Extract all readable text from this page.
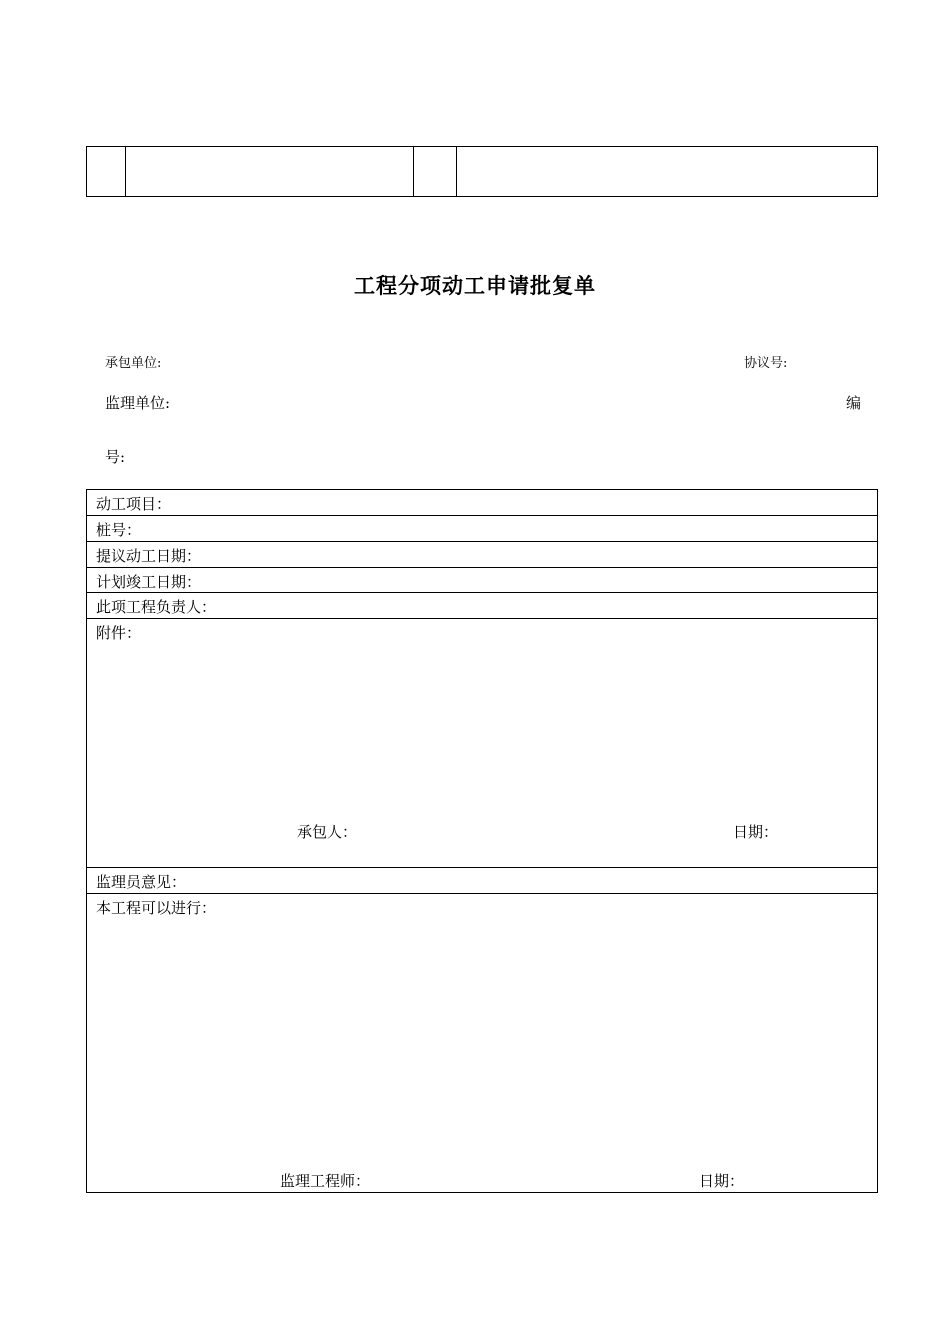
工程分项动工申请批复单
承包单位:	协议号:
监理单位:	编
号:
动工项目：
桩号：
提议动工日期：
计划竣工日期：
此项工程负责人：
附件：
承包人：	日期：
监理员意见：
本工程可以进行：
监理工程师：	日期：
